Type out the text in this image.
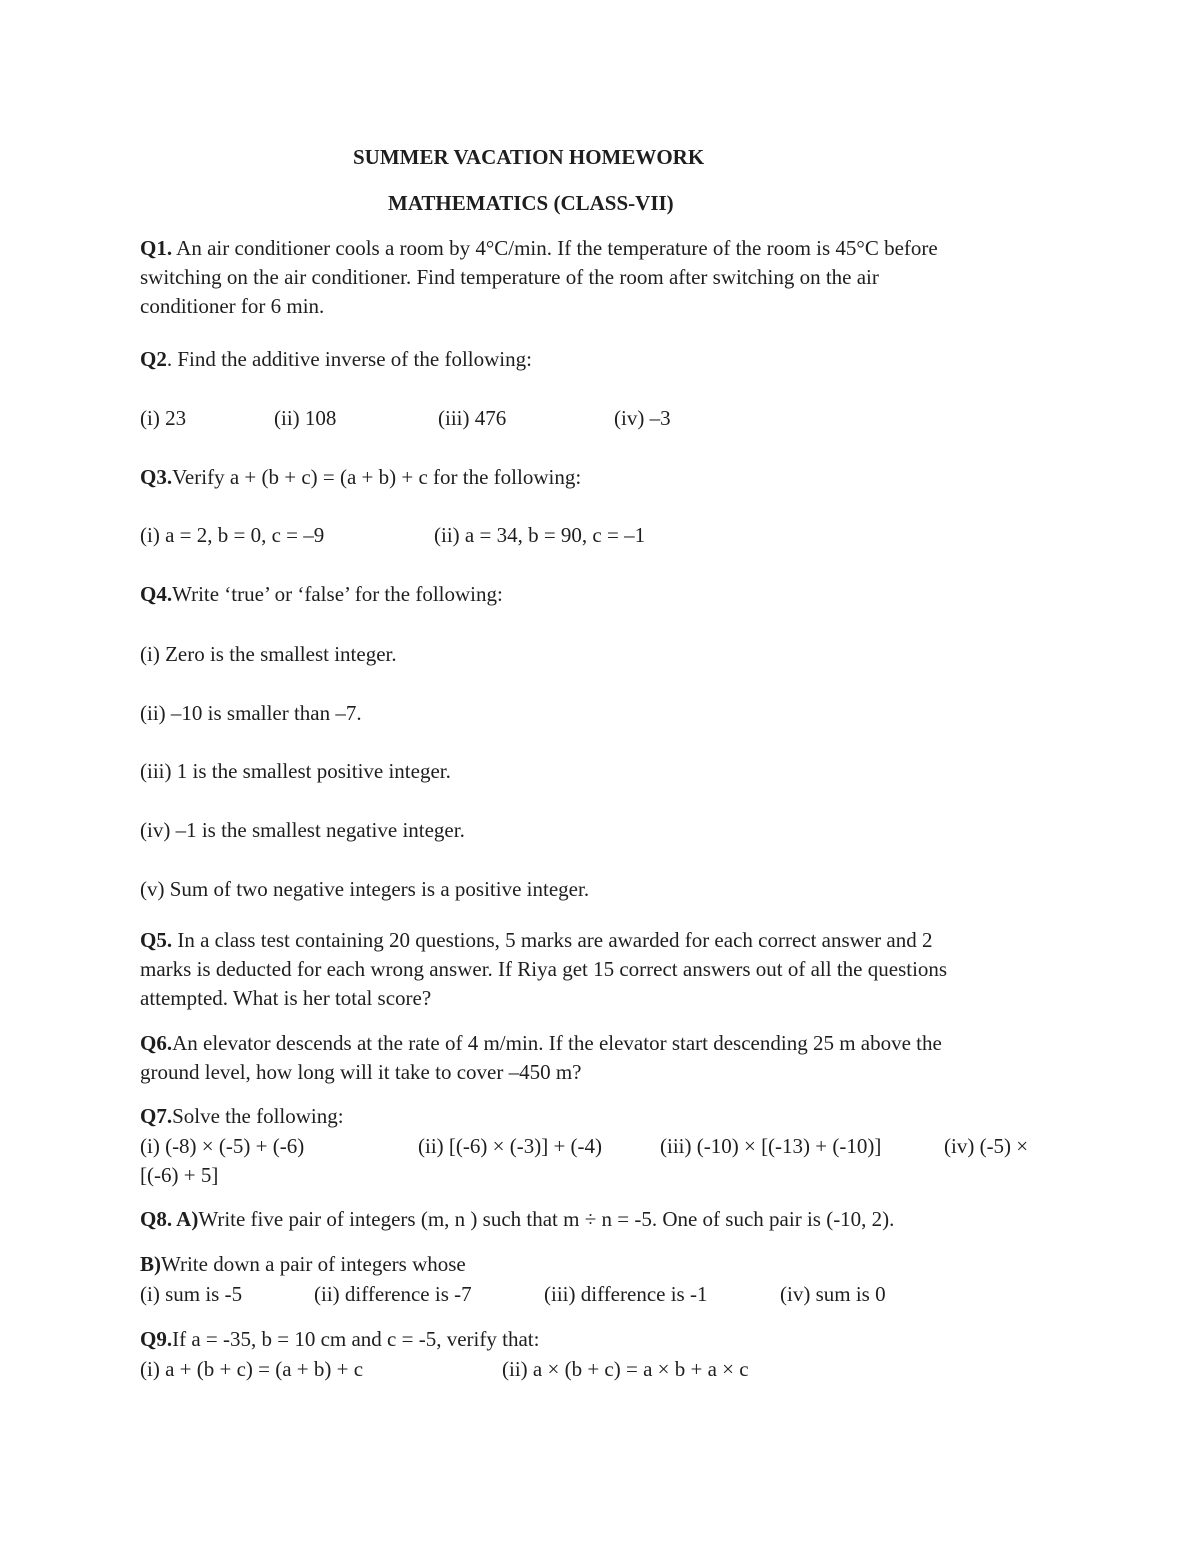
SUMMER VACATION HOMEWORK
MATHEMATICS (CLASS-VII)
Q1. An air conditioner cools a room by 4°C/min. If the temperature of the room is 45°C before
switching on the air conditioner. Find temperature of the room after switching on the air
conditioner for 6 min.
Q2. Find the additive inverse of the following:
(i) 23	(ii) 108	(iii) 476	(iv) –3
Q3.Verify a + (b + c) = (a + b) + c for the following:
(i) a = 2, b = 0, c = –9	(ii) a = 34, b = 90, c = –1
Q4.Write ‘true’ or ‘false’ for the following:
(i) Zero is the smallest integer.
(ii) –10 is smaller than –7.
(iii) 1 is the smallest positive integer.
(iv) –1 is the smallest negative integer.
(v) Sum of two negative integers is a positive integer.
Q5. In a class test containing 20 questions, 5 marks are awarded for each correct answer and 2
marks is deducted for each wrong answer. If Riya get 15 correct answers out of all the questions
attempted. What is her total score?
Q6.An elevator descends at the rate of 4 m/min. If the elevator start descending 25 m above the
ground level, how long will it take to cover –450 m?
Q7.Solve the following:
(i) (-8) × (-5) + (-6)	(ii) [(-6) × (-3)] + (-4)	(iii) (-10) × [(-13) + (-10)]	(iv) (-5) ×
[(-6) + 5]
Q8. A)Write five pair of integers (m, n ) such that m ÷ n = -5. One of such pair is (-10, 2).
B)Write down a pair of integers whose
(i) sum is -5	(ii) difference is -7	(iii) difference is -1	(iv) sum is 0
Q9.If a = -35, b = 10 cm and c = -5, verify that:
(i) a + (b + c) = (a + b) + c	(ii) a × (b + c) = a × b + a × c
